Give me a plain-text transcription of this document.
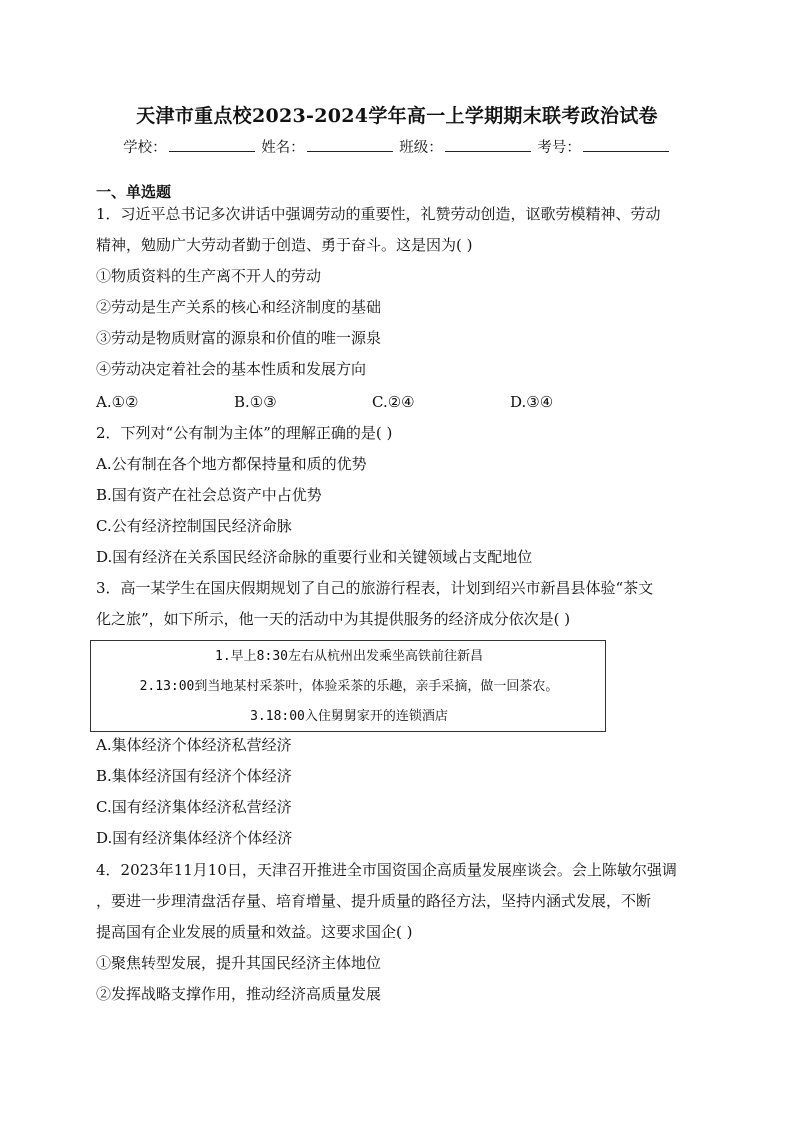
天津市重点校2023-2024学年高一上学期期末联考政治试卷
学校：	姓名：	班级：	考号：
一、单选题
1．习近平总书记多次讲话中强调劳动的重要性，礼赞劳动创造，讴歌劳模精神、劳动
精神，勉励广大劳动者勤于创造、勇于奋斗。这是因为( )
①物质资料的生产离不开人的劳动
②劳动是生产关系的核心和经济制度的基础
③劳动是物质财富的源泉和价值的唯一源泉
④劳动决定着社会的基本性质和发展方向
A.①②	B.①③	C.②④	D.③④
2．下列对“公有制为主体”的理解正确的是( )
A.公有制在各个地方都保持量和质的优势
B.国有资产在社会总资产中占优势
C.公有经济控制国民经济命脉
D.国有经济在关系国民经济命脉的重要行业和关键领域占支配地位
3．高一某学生在国庆假期规划了自己的旅游行程表，计划到绍兴市新昌县体验“茶文
化之旅”，如下所示，他一天的活动中为其提供服务的经济成分依次是( )
1.早上8:30左右从杭州出发乘坐高铁前往新昌
2.13:00到当地某村采茶叶，体验采茶的乐趣，亲手采摘，做一回茶农。
3.18:00入住舅舅家开的连锁酒店
A.集体经济个体经济私营经济
B.集体经济国有经济个体经济
C.国有经济集体经济私营经济
D.国有经济集体经济个体经济
4．2023年11月10日，天津召开推进全市国资国企高质量发展座谈会。会上陈敏尔强调
，要进一步理清盘活存量、培育增量、提升质量的路径方法，坚持内涵式发展，不断
提高国有企业发展的质量和效益。这要求国企( )
①聚焦转型发展，提升其国民经济主体地位
②发挥战略支撑作用，推动经济高质量发展
